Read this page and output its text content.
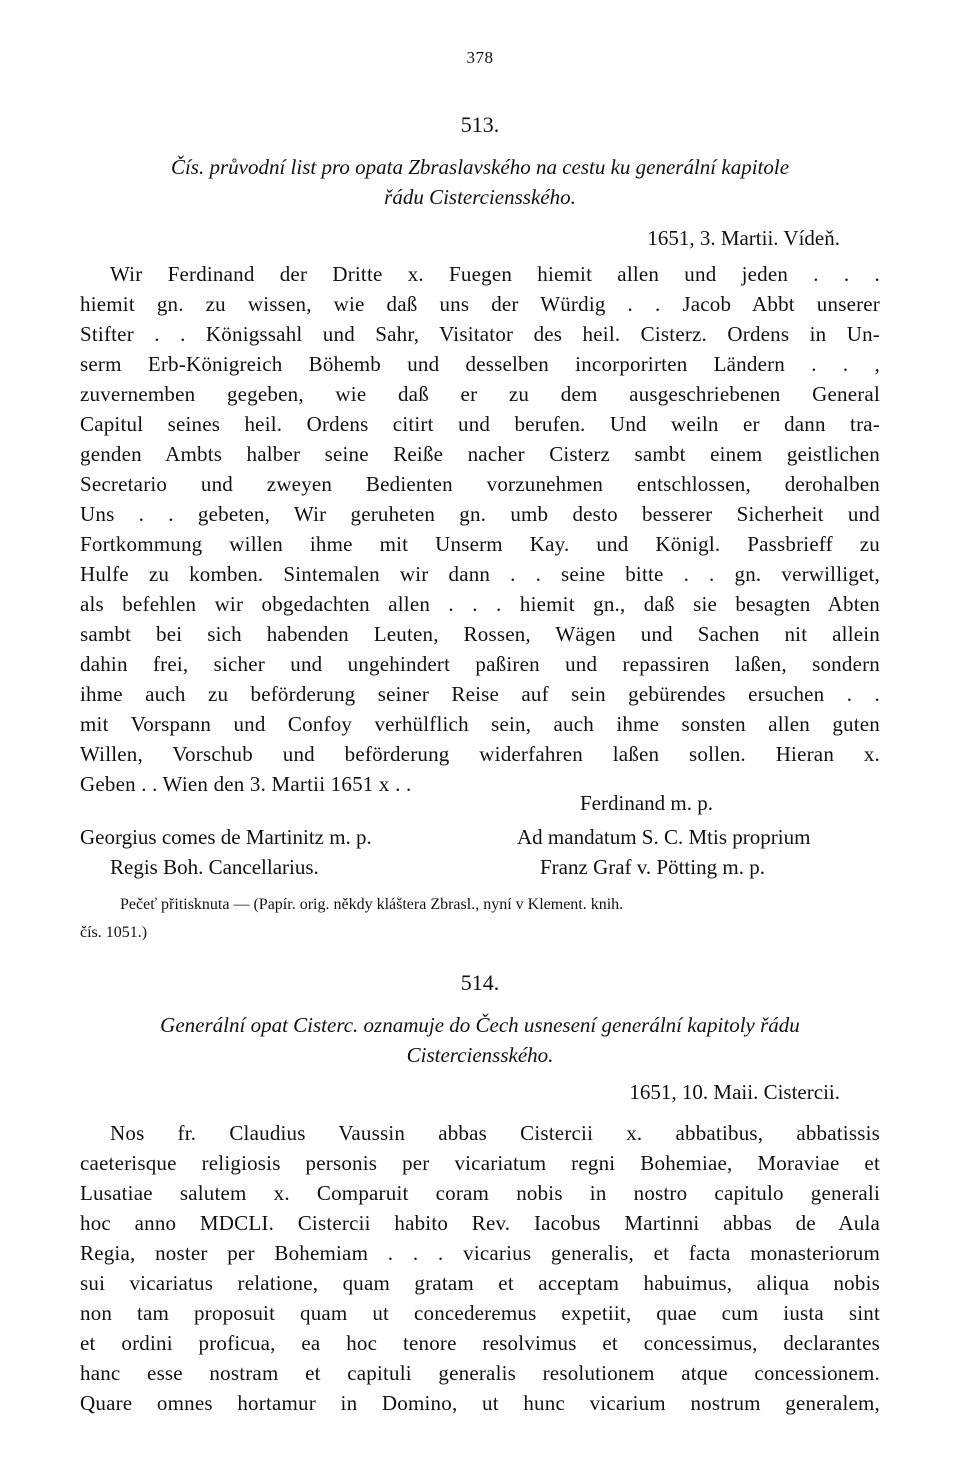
378
513.
Čís. průvodní list pro opata Zbraslavského na cestu ku generální kapitole
řádu Cisterciensského.
1651, 3. Martii. Vídeň.
Wir Ferdinand der Dritte x. Fuegen hiemit allen und jeden . . .
hiemit gn. zu wissen, wie daß uns der Würdig . . Jacob Abbt unserer
Stifter . . Königssahl und Sahr, Visitator des heil. Cisterz. Ordens in Un-
serm Erb-Königreich Böhemb und desselben incorporirten Ländern . . ,
zuvernemben gegeben, wie daß er zu dem ausgeschriebenen General
Capitul seines heil. Ordens citirt und berufen. Und weiln er dann tra-
genden Ambts halber seine Reiße nacher Cisterz sambt einem geistlichen
Secretario und zweyen Bedienten vorzunehmen entschlossen, derohalben
Uns . . gebeten, Wir geruheten gn. umb desto besserer Sicherheit und
Fortkommung willen ihme mit Unserm Kay. und Königl. Passbrieff zu
Hulfe zu komben. Sintemalen wir dann . . seine bitte . . gn. verwilliget,
als befehlen wir obgedachten allen . . . hiemit gn., daß sie besagten Abten
sambt bei sich habenden Leuten, Rossen, Wägen und Sachen nit allein
dahin frei, sicher und ungehindert paßiren und repassiren laßen, sondern
ihme auch zu beförderung seiner Reise auf sein gebürendes ersuchen . .
mit Vorspann und Confoy verhülflich sein, auch ihme sonsten allen guten
Willen, Vorschub und beförderung widerfahren laßen sollen. Hieran x.
Geben . . Wien den 3. Martii 1651 x . .
Ferdinand m. p.
Georgius comes de Martinitz m. p.
Regis Boh. Cancellarius.
Ad mandatum S. C. Mtis proprium
Franz Graf v. Pötting m. p.
Pečeť přitisknuta — (Papír. orig. někdy kláštera Zbrasl., nyní v Klement. knih.
čís. 1051.)
514.
Generální opat Cisterc. oznamuje do Čech usnesení generální kapitoly řádu
Cisterciensského.
1651, 10. Maii. Cistercii.
Nos fr. Claudius Vaussin abbas Cistercii x. abbatibus, abbatissis
caeterisque religiosis personis per vicariatum regni Bohemiae, Moraviae et
Lusatiae salutem x. Comparuit coram nobis in nostro capitulo generali
hoc anno MDCLI. Cistercii habito Rev. Iacobus Martinni abbas de Aula
Regia, noster per Bohemiam . . . vicarius generalis, et facta monasteriorum
sui vicariatus relatione, quam gratam et acceptam habuimus, aliqua nobis
non tam proposuit quam ut concederemus expetiit, quae cum iusta sint
et ordini proficua, ea hoc tenore resolvimus et concessimus, declarantes
hanc esse nostram et capituli generalis resolutionem atque concessionem.
Quare omnes hortamur in Domino, ut hunc vicarium nostrum generalem,
